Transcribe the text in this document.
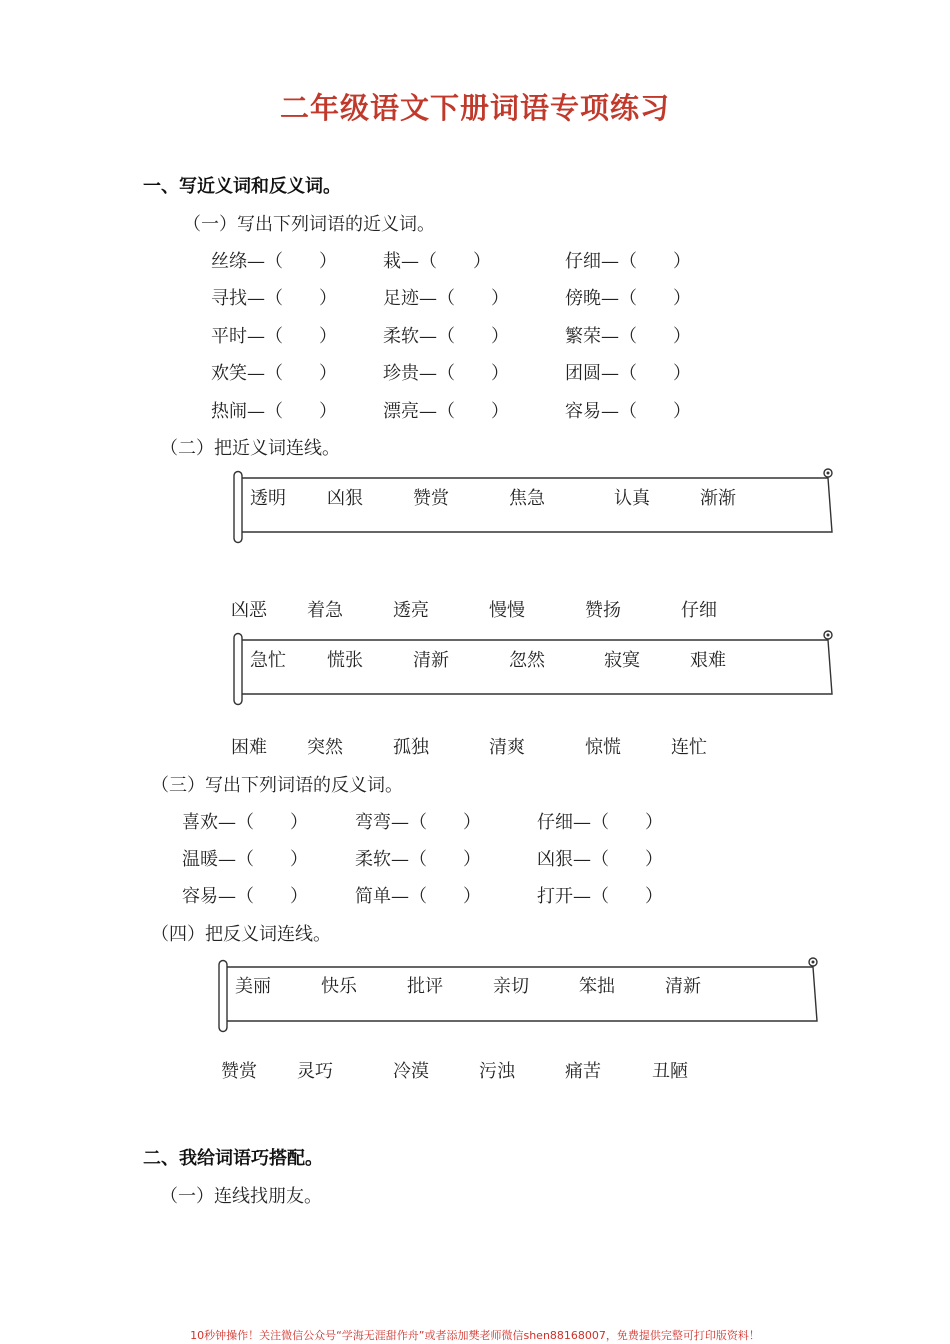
二年级语文下册词语专项练习
一、写近义词和反义词。
（一）写出下列词语的近义词。
丝绦—（　　）	栽—（　　）	仔细—（　　）
寻找—（　　）	足迹—（　　）	傍晚—（　　）
平时—（　　）	柔软—（　　）	繁荣—（　　）
欢笑—（　　）	珍贵—（　　）	团圆—（　　）
热闹—（　　）	漂亮—（　　）	容易—（　　）
（二）把近义词连线。
透明 凶狠	赞赏	焦急	认真	渐渐
凶恶 着急	透亮	慢慢	赞扬	仔细
急忙 慌张	清新	忽然	寂寞	艰难
困难 突然	孤独	清爽	惊慌	连忙
（三）写出下列词语的反义词。
喜欢—（　　）	弯弯—（　　）	仔细—（　　）
温暖—（　　）	柔软—（　　）	凶狠—（　　）
容易—（　　）	简单—（　　）	打开—（　　）
（四）把反义词连线。
美丽	快乐	批评	亲切	笨拙	清新
赞赏 灵巧	冷漠	污浊	痛苦	丑陋
二、我给词语巧搭配。
（一）连线找朋友。
10秒钟操作！关注微信公众号“学海无涯甜作舟”或者添加樊老师微信shen88168007，免费提供完整可打印版资料！
